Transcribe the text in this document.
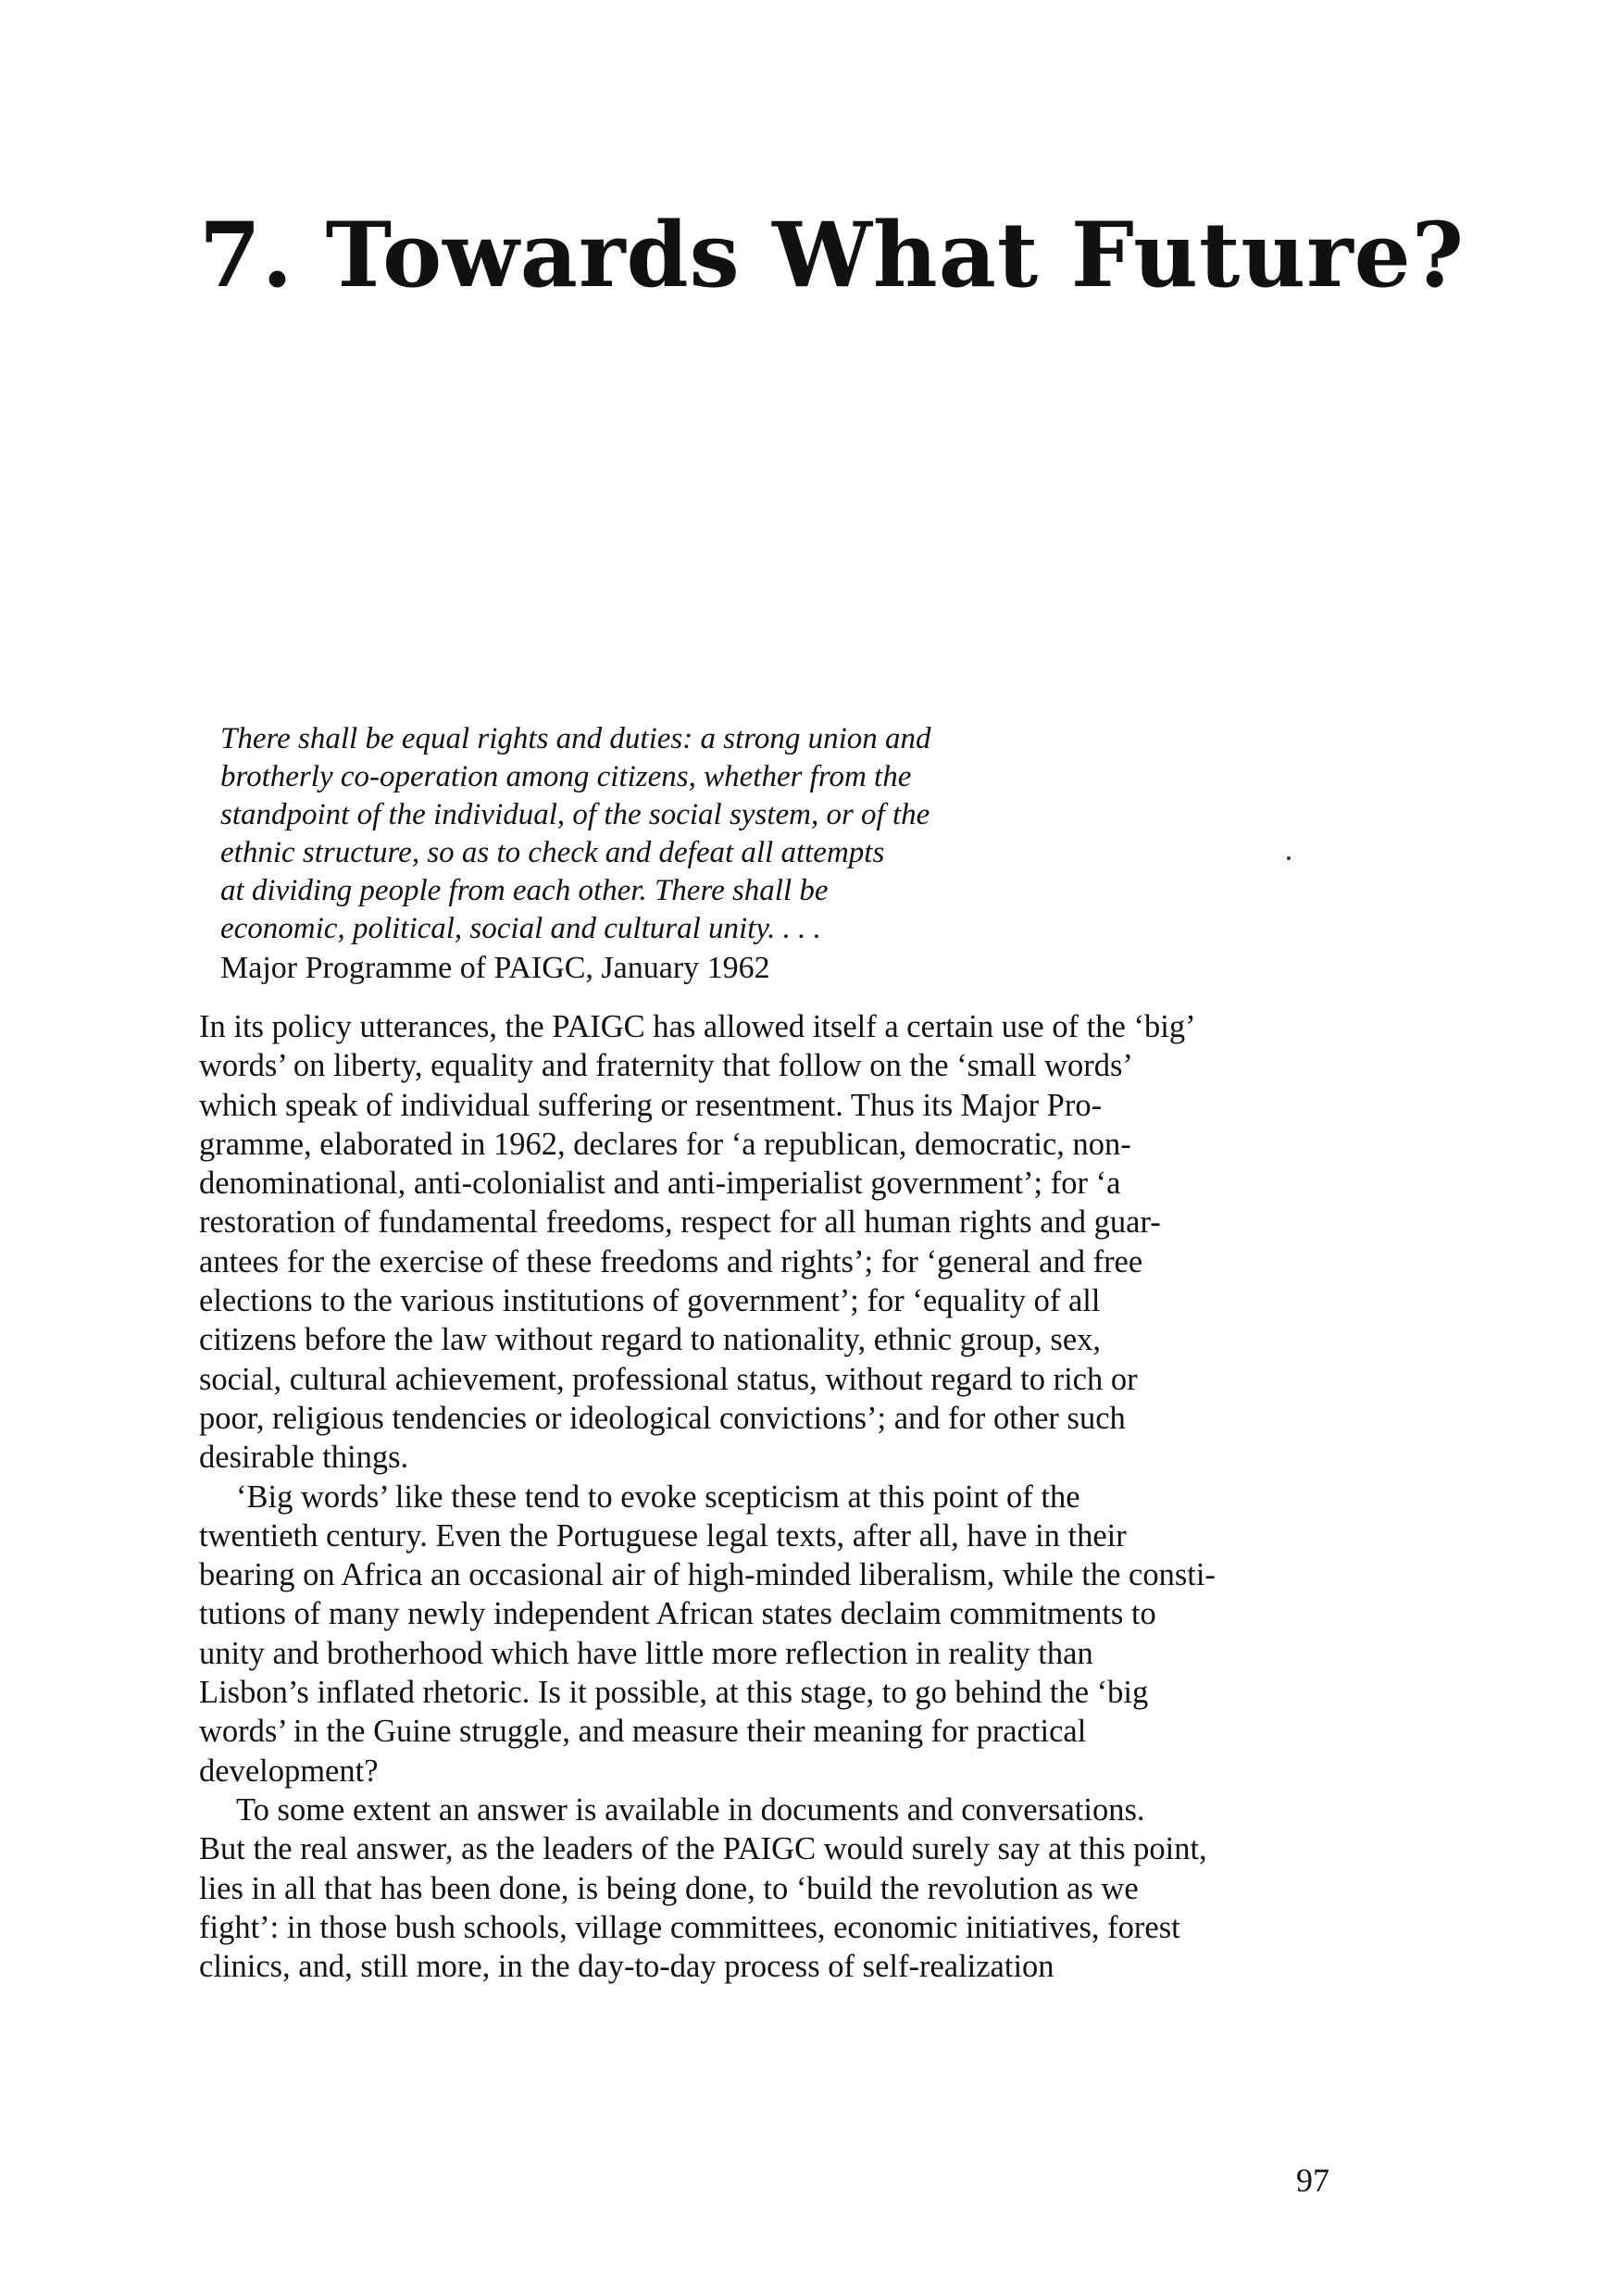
7. Towards What Future?
There shall be equal rights and duties: a strong union and
brotherly co-operation among citizens, whether from the
standpoint of the individual, of the social system, or of the
ethnic structure, so as to check and defeat all attempts
at dividing people from each other. There shall be
economic, political, social and cultural unity. . . .
Major Programme of PAIGC, January 1962
In its policy utterances, the PAIGC has allowed itself a certain use of the ‘big’
words’ on liberty, equality and fraternity that follow on the ‘small words’
which speak of individual suffering or resentment. Thus its Major Pro-
gramme, elaborated in 1962, declares for ‘a republican, democratic, non-
denominational, anti-colonialist and anti-imperialist government’; for ‘a
restoration of fundamental freedoms, respect for all human rights and guar-
antees for the exercise of these freedoms and rights’; for ‘general and free
elections to the various institutions of government’; for ‘equality of all
citizens before the law without regard to nationality, ethnic group, sex,
social, cultural achievement, professional status, without regard to rich or
poor, religious tendencies or ideological convictions’; and for other such
desirable things.
‘Big words’ like these tend to evoke scepticism at this point of the
twentieth century. Even the Portuguese legal texts, after all, have in their
bearing on Africa an occasional air of high-minded liberalism, while the consti-
tutions of many newly independent African states declaim commitments to
unity and brotherhood which have little more reflection in reality than
Lisbon’s inflated rhetoric. Is it possible, at this stage, to go behind the ‘big
words’ in the Guine struggle, and measure their meaning for practical
development?
To some extent an answer is available in documents and conversations.
But the real answer, as the leaders of the PAIGC would surely say at this point,
lies in all that has been done, is being done, to ‘build the revolution as we
fight’: in those bush schools, village committees, economic initiatives, forest
clinics, and, still more, in the day-to-day process of self-realization
97
